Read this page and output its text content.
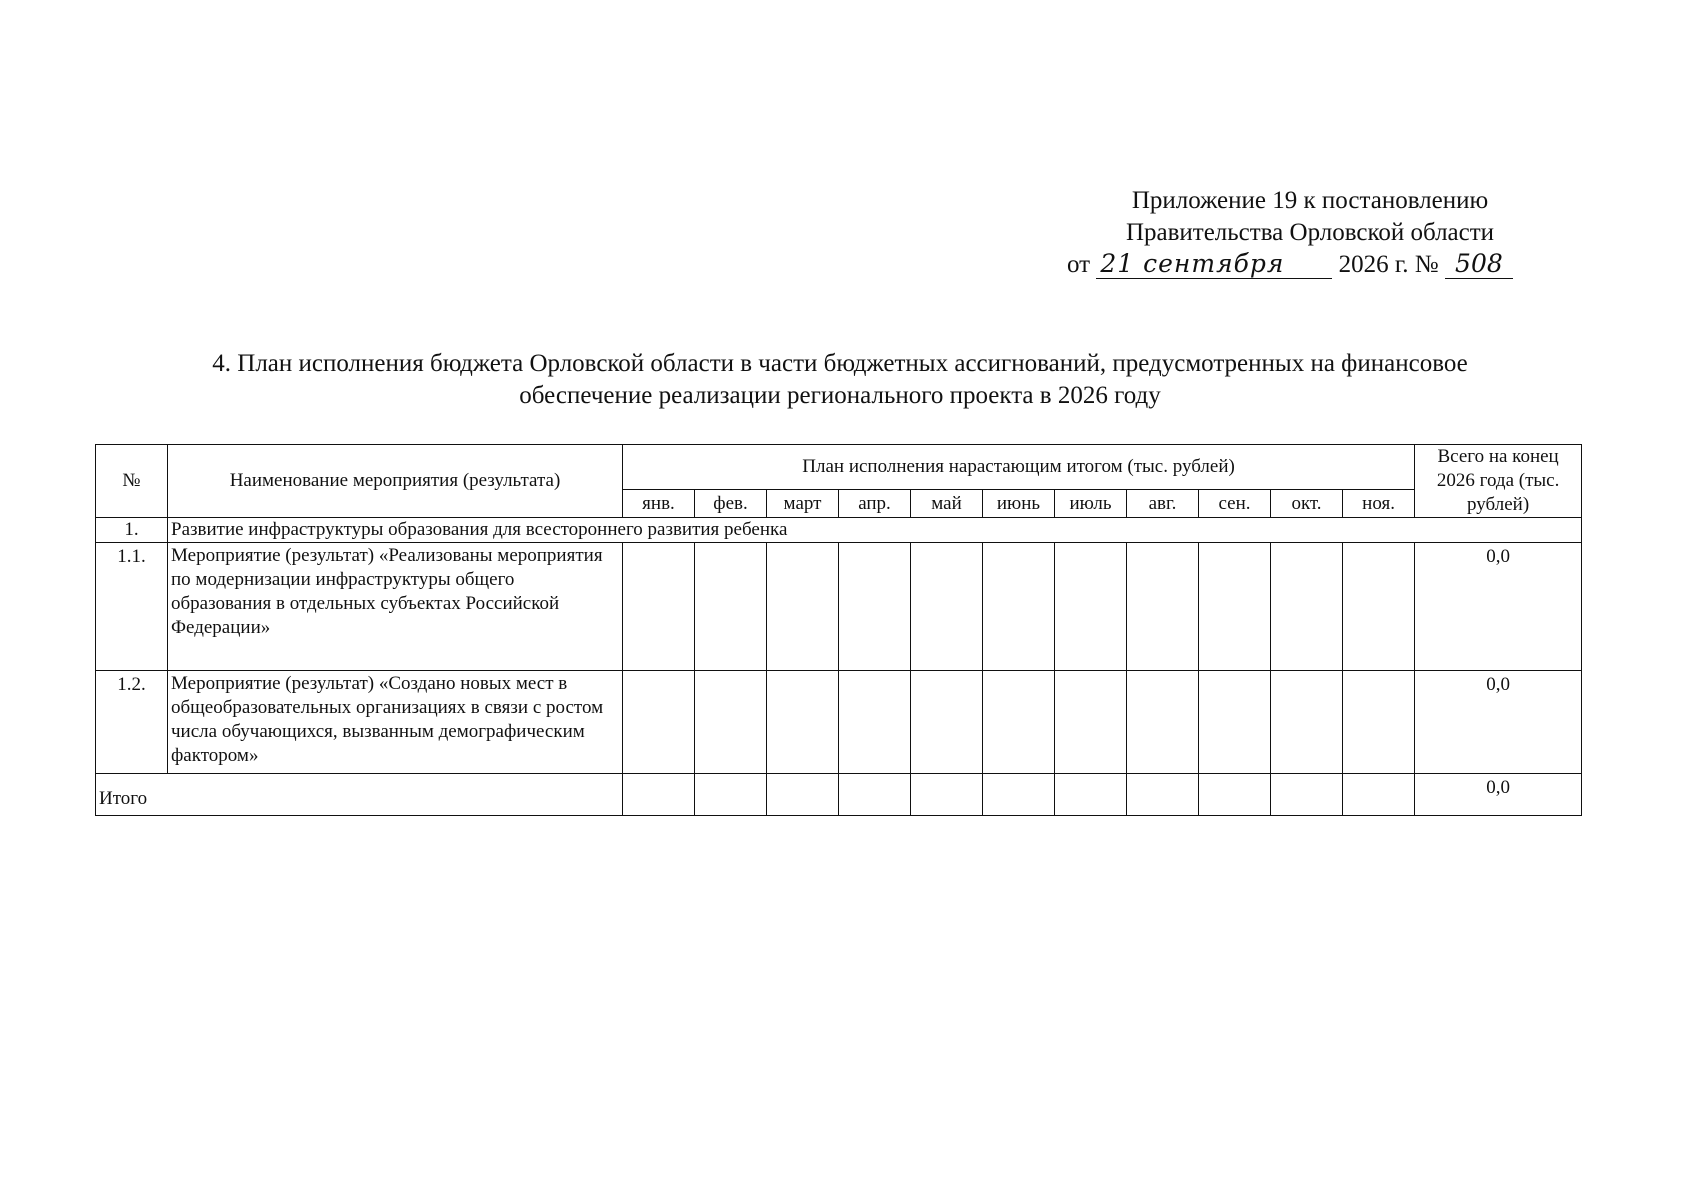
Приложение 19 к постановлению
Правительства Орловской области
от 21 сентября 2026 г. № 508
4. План исполнения бюджета Орловской области в части бюджетных ассигнований, предусмотренных на финансовое
обеспечение реализации регионального проекта в 2026 году
№	Наименование мероприятия (результата)	План исполнения нарастающим итогом (тыс. рублей)											Всего на конец 2026 года (тыс. рублей)
		янв.	фев.	март	апр.	май	июнь	июль	авг.	сен.	окт.	ноя.	
1.	Развитие инфраструктуры образования для всестороннего развития ребенка												
1.1.	Мероприятие (результат) «Реализованы мероприятия по модернизации инфраструктуры общего образования в отдельных субъектах Российской Федерации»												0,0
1.2.	Мероприятие (результат) «Создано новых мест в общеобразовательных организациях в связи с ростом числа обучающихся, вызванным демографическим фактором»												0,0
Итого													0,0
